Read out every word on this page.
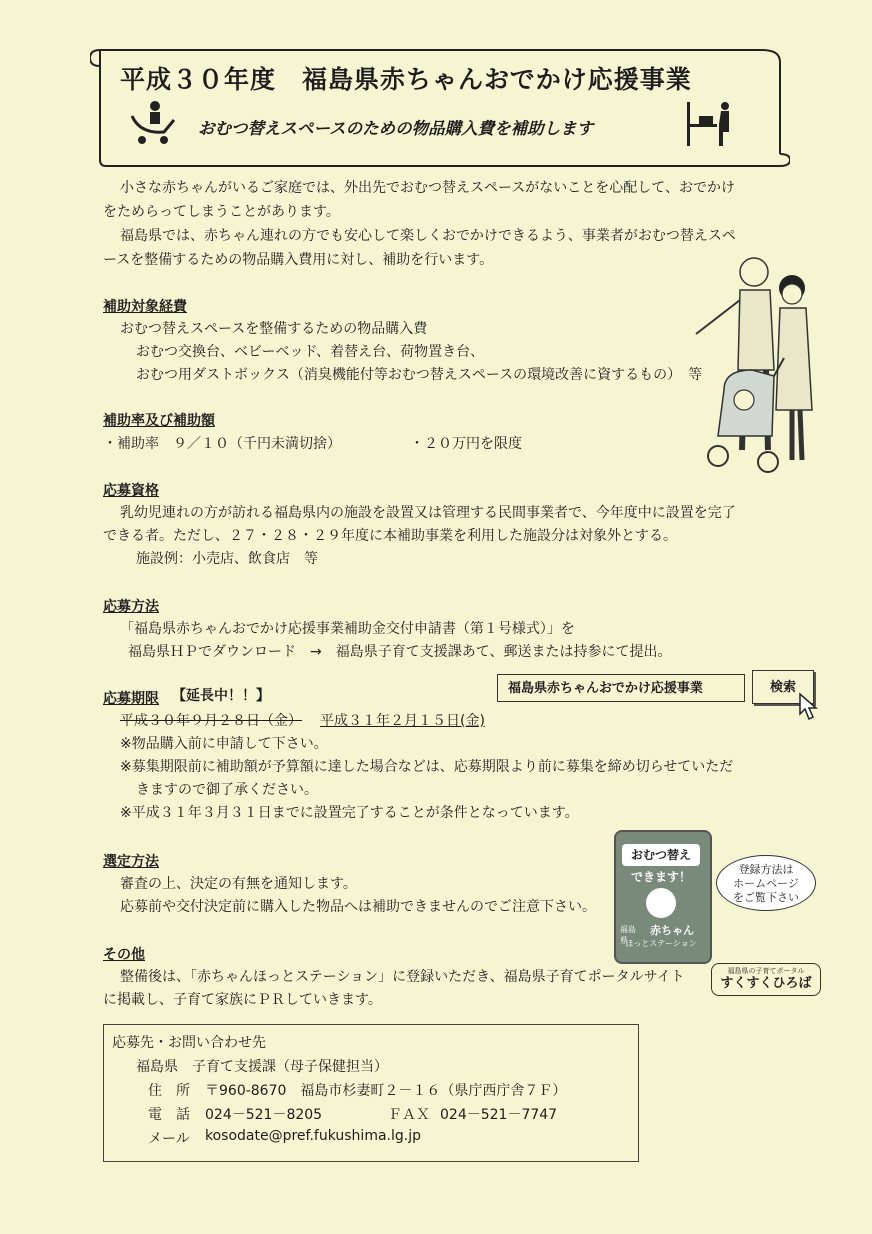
平成３０年度　福島県赤ちゃんおでかけ応援事業
おむつ替えスペースのための物品購入費を補助します
小さな赤ちゃんがいるご家庭では、外出先でおむつ替えスペースがないことを心配して、おでかけ
をためらってしまうことがあります。
福島県では、赤ちゃん連れの方でも安心して楽しくおでかけできるよう、事業者がおむつ替えスペ
ースを整備するための物品購入費用に対し、補助を行います。
補助対象経費
おむつ替えスペースを整備するための物品購入費
おむつ交換台、ベビーベッド、着替え台、荷物置き台、
おむつ用ダストボックス（消臭機能付等おむつ替えスペースの環境改善に資するもの）　等
補助率及び補助額
・補助率　９／１０（千円未満切捨）	・２０万円を限度
応募資格
乳幼児連れの方が訪れる福島県内の施設を設置又は管理する民間事業者で、今年度中に設置を完了
できる者。ただし、２７・２８・２９年度に本補助事業を利用した施設分は対象外とする。
施設例：小売店、飲食店　等
応募方法
「福島県赤ちゃんおでかけ応援事業補助金交付申請書（第１号様式）」を
福島県ＨＰでダウンロード　→　福島県子育て支援課あて、郵送または持参にて提出。
福島県赤ちゃんおでかけ応援事業	検索
応募期限 【延長中！！】
平成３０年９月２８日（金） 平成３１年２月１５日(金)
※物品購入前に申請して下さい。
※募集期限前に補助額が予算額に達した場合などは、応募期限より前に募集を締め切らせていただ
きますので御了承ください。
※平成３１年３月３１日までに設置完了することが条件となっています。
選定方法
審査の上、決定の有無を通知します。
応募前や交付決定前に購入した物品へは補助できませんのでご注意下さい。
おむつ替え
できます！
福島県
赤ちゃん
ほっとステーション
登録方法は
ホームページ
をご覧下さい
その他
整備後は、「赤ちゃんほっとステーション」に登録いただき、福島県子育てポータルサイト
に掲載し、子育て家族にＰＲしていきます。
福島県の子育てポータル
すくすくひろば
応募先・お問い合わせ先
福島県　子育て支援課（母子保健担当）
住　所 〒960-8670　福島市杉妻町２－１６（県庁西庁舎７Ｆ）
電　話 024－521－8205	ＦＡＸ 024－521－7747
メール kosodate@pref.fukushima.lg.jp
